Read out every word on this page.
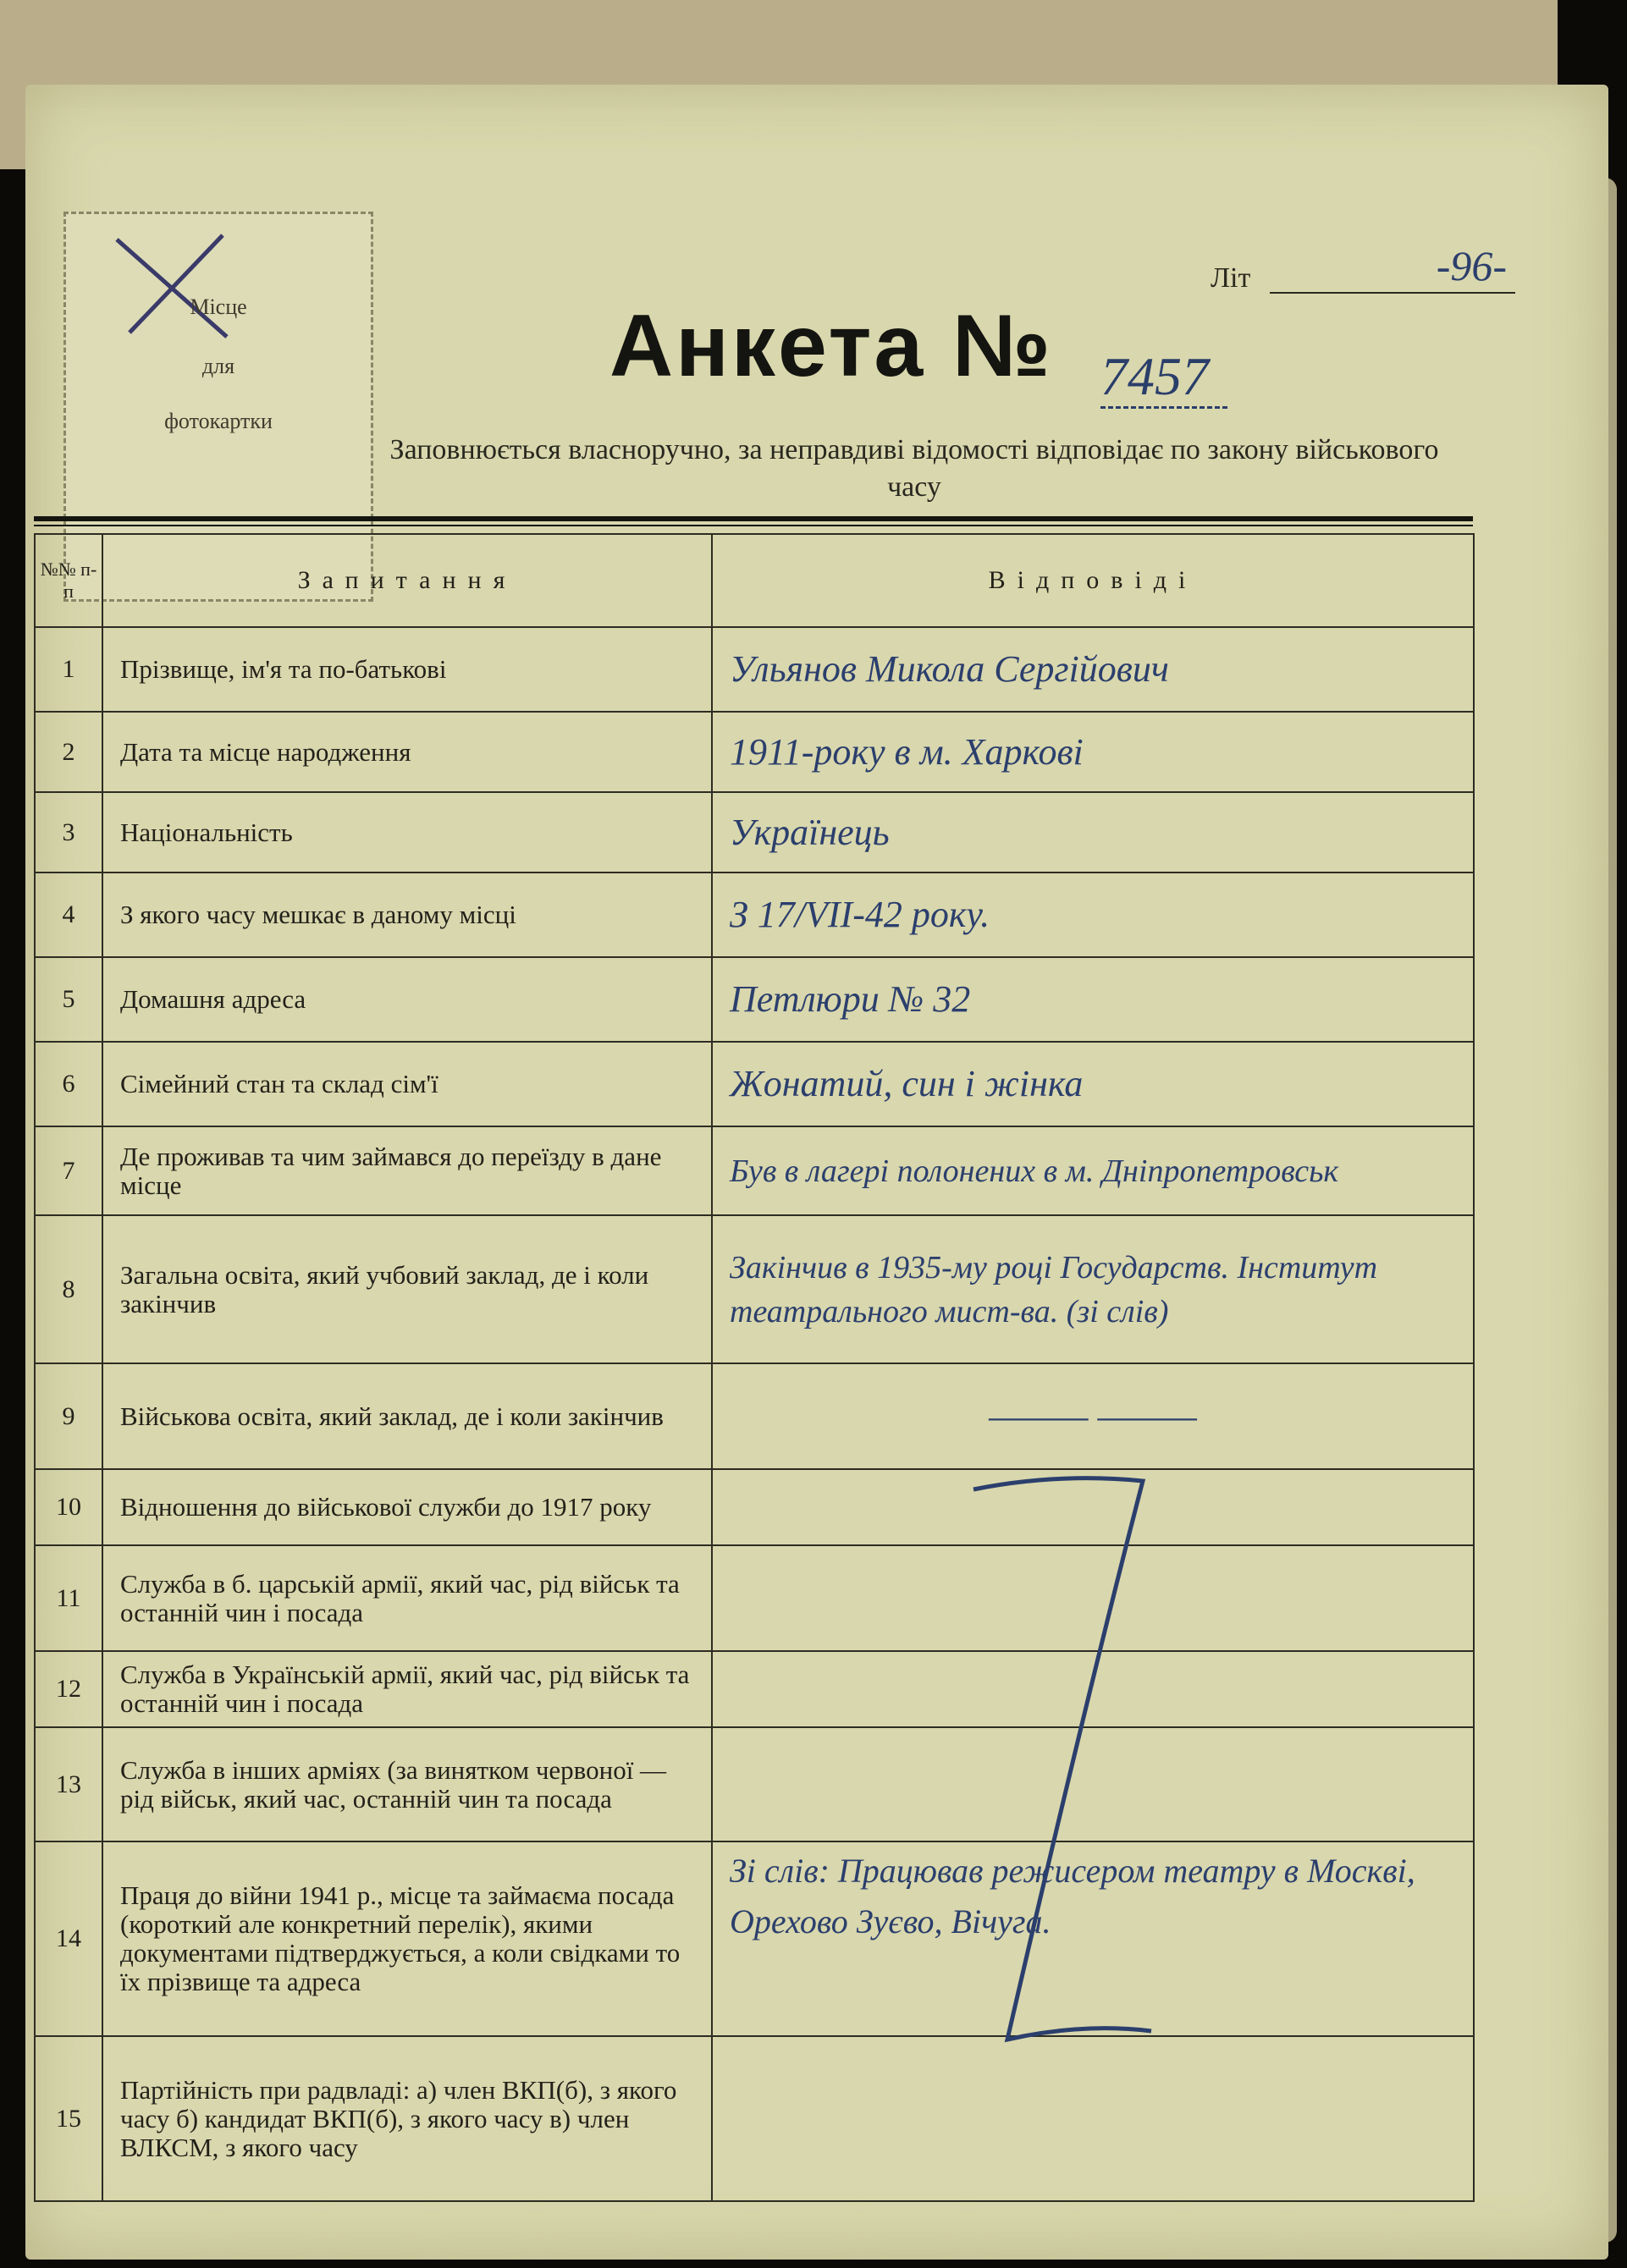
Місце
для
фотокартки
Літ	-96-
Анкета № 7457
Заповнюється власноручно, за неправдиві відомості відповідає по закону військового часу
№№ п-п	Запитання	Відповіді
1	Прізвище, ім'я та по-батькові	Ульянов Микола Сергійович
2	Дата та місце народження	1911-року в м. Харкові
3	Національність	Українець
4	З якого часу мешкає в даному місці	З 17/VII-42 року.
5	Домашня адреса	Петлюри № 32
6	Сімейний стан та склад сім'ї	Жонатий, син і жінка
7	Де проживав та чим займався до переїзду в дане місце	Був в лагері полонених в м. Дніпропетровськ
8	Загальна освіта, який учбовий заклад, де і коли закінчив	Закінчив в 1935-му році Государств. Інститут театрального мист-ва. (зі слів)
9	Військова освіта, який заклад, де і коли закінчив	——— ———
10	Відношення до військової служби до 1917 року	
11	Служба в б. царській армії, який час, рід військ та останній чин і посада	
12	Служба в Українській армії, який час, рід військ та останній чин і посада	
13	Служба в інших арміях (за винятком червоної — рід військ, який час, останній чин та посада	
14	Праця до війни 1941 р., місце та займаєма посада (короткий але конкретний перелік), якими документами підтверджується, а коли свідками то їх прізвище та адреса	Зі слів: Працював режисером театру в Москві, Орехово Зуєво, Вічуга.
15	Партійність при радвладі: а) член ВКП(б), з якого часу б) кандидат ВКП(б), з якого часу в) член ВЛКСМ, з якого часу	
